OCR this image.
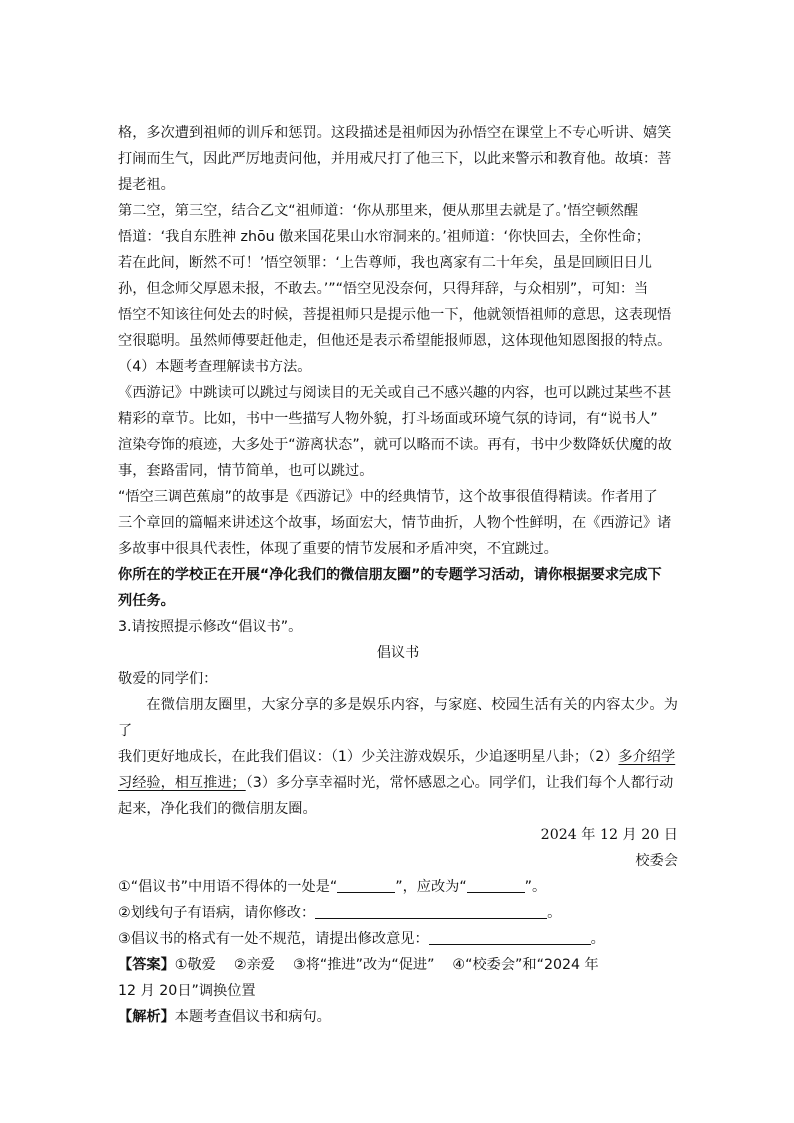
格，多次遭到祖师的训斥和惩罚。这段描述是祖师因为孙悟空在课堂上不专心听讲、嬉笑

打闹而生气，因此严厉地责问他，并用戒尺打了他三下，以此来警示和教育他。故填：菩

提老祖。

第二空，第三空，结合乙文“祖师道：‘你从那里来，便从那里去就是了。’悟空顿然醒

悟道：‘我自东胜神 zhōu 傲来国花果山水帘洞来的。’祖师道：‘你快回去，全你性命；

若在此间，断然不可！’悟空领罪：‘上告尊师，我也离家有二十年矣，虽是回顾旧日儿

孙，但念师父厚恩未报，不敢去。’”“悟空见没奈何，只得拜辞，与众相别”，可知：当

悟空不知该往何处去的时候，菩提祖师只是提示他一下，他就领悟祖师的意思，这表现悟

空很聪明。虽然师傅要赶他走，但他还是表示希望能报师恩，这体现他知恩图报的特点。

（4）本题考查理解读书方法。

《西游记》中跳读可以跳过与阅读目的无关或自己不感兴趣的内容，也可以跳过某些不甚

精彩的章节。比如，书中一些描写人物外貌，打斗场面或环境气氛的诗词，有“说书人”

渲染夸饰的痕迹，大多处于“游离状态”，就可以略而不读。再有，书中少数降妖伏魔的故

事，套路雷同，情节简单，也可以跳过。

“悟空三调芭蕉扇”的故事是《西游记》中的经典情节，这个故事很值得精读。作者用了

三个章回的篇幅来讲述这个故事，场面宏大，情节曲折，人物个性鲜明，在《西游记》诸

多故事中很具代表性，体现了重要的情节发展和矛盾冲突，不宜跳过。

你所在的学校正在开展“净化我们的微信朋友圈”的专题学习活动，请你根据要求完成下

列任务。

3.请按照提示修改“倡议书”。

倡议书

敬爱的同学们：

在微信朋友圈里，大家分享的多是娱乐内容，与家庭、校园生活有关的内容太少。为了

我们更好地成长，在此我们倡议：（1）少关注游戏娱乐，少追逐明星八卦；（2）多介绍学

习经验，相互推进；（3）多分享幸福时光，常怀感恩之心。同学们，让我们每个人都行动

起来，净化我们的微信朋友圈。

2024 年 12 月 20 日

校委会

①“倡议书”中用语不得体的一处是“	”，应改为“	”。

②划线句子有语病，请你修改：	。

③倡议书的格式有一处不规范，请提出修改意见：	。

【答案】①敬爱 ②亲爱 ③将“推进”改为“促进” ④“校委会”和“2024 年

12 月 20日”调换位置

【解析】本题考查倡议书和病句。
